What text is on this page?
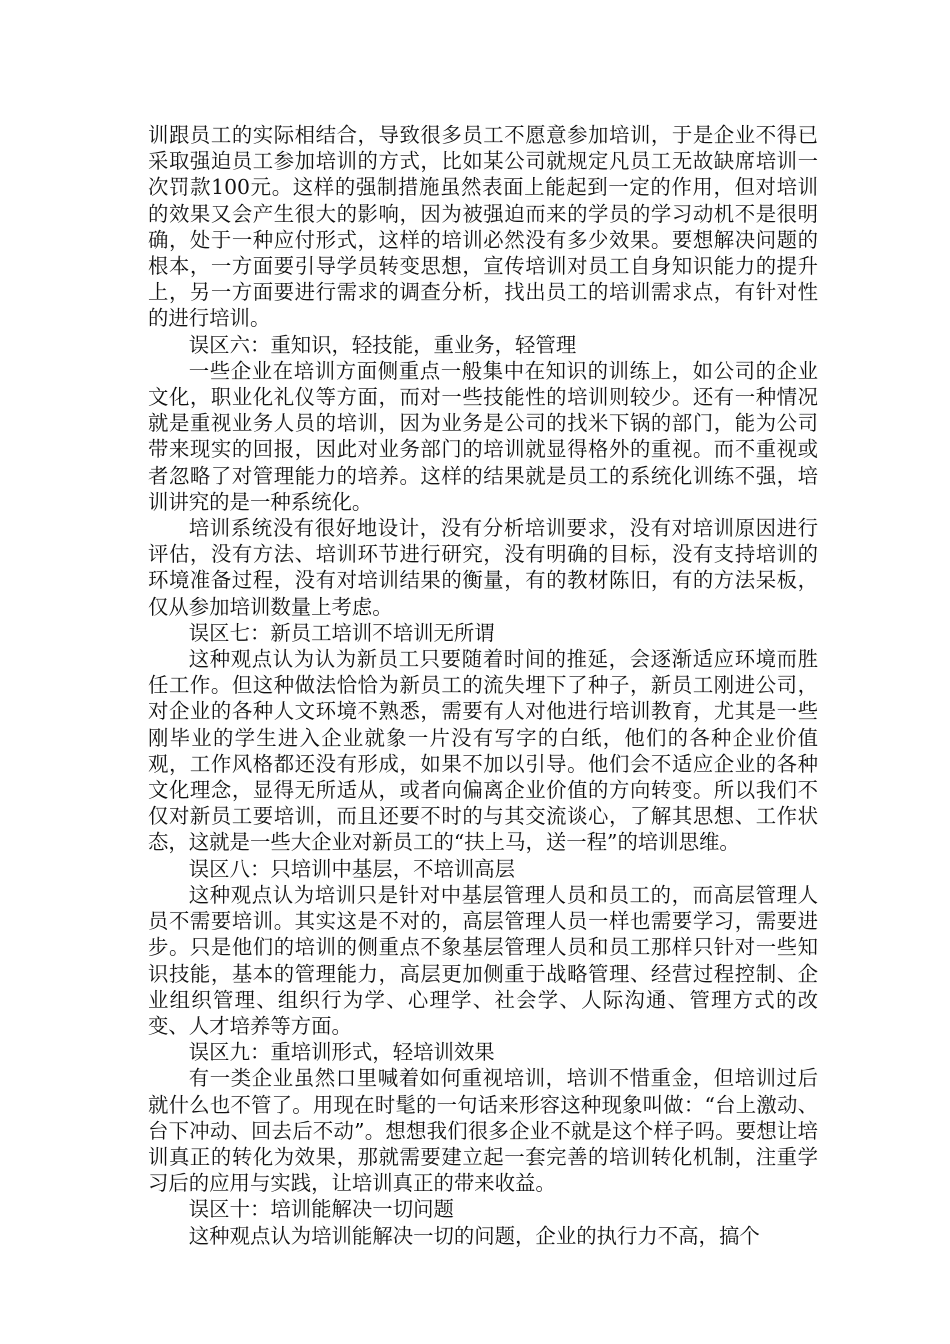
训跟员工的实际相结合，导致很多员工不愿意参加培训，于是企业不得已采取强迫员工参加培训的方式，比如某公司就规定凡员工无故缺席培训一次罚款100元。这样的强制措施虽然表面上能起到一定的作用，但对培训的效果又会产生很大的影响，因为被强迫而来的学员的学习动机不是很明确，处于一种应付形式，这样的培训必然没有多少效果。要想解决问题的根本，一方面要引导学员转变思想，宣传培训对员工自身知识能力的提升上，另一方面要进行需求的调查分析，找出员工的培训需求点，有针对性的进行培训。

误区六：重知识，轻技能，重业务，轻管理

一些企业在培训方面侧重点一般集中在知识的训练上，如公司的企业文化，职业化礼仪等方面，而对一些技能性的培训则较少。还有一种情况就是重视业务人员的培训，因为业务是公司的找米下锅的部门，能为公司带来现实的回报，因此对业务部门的培训就显得格外的重视。而不重视或者忽略了对管理能力的培养。这样的结果就是员工的系统化训练不强，培训讲究的是一种系统化。

培训系统没有很好地设计，没有分析培训要求，没有对培训原因进行评估，没有方法、培训环节进行研究，没有明确的目标，没有支持培训的环境准备过程，没有对培训结果的衡量，有的教材陈旧，有的方法呆板，仅从参加培训数量上考虑。

误区七：新员工培训不培训无所谓

这种观点认为认为新员工只要随着时间的推延，会逐渐适应环境而胜任工作。但这种做法恰恰为新员工的流失埋下了种子，新员工刚进公司，对企业的各种人文环境不熟悉，需要有人对他进行培训教育，尤其是一些刚毕业的学生进入企业就象一片没有写字的白纸，他们的各种企业价值观，工作风格都还没有形成，如果不加以引导。他们会不适应企业的各种文化理念，显得无所适从，或者向偏离企业价值的方向转变。所以我们不仅对新员工要培训，而且还要不时的与其交流谈心，了解其思想、工作状态，这就是一些大企业对新员工的“扶上马，送一程”的培训思维。

误区八：只培训中基层，不培训高层

这种观点认为培训只是针对中基层管理人员和员工的，而高层管理人员不需要培训。其实这是不对的，高层管理人员一样也需要学习，需要进步。只是他们的培训的侧重点不象基层管理人员和员工那样只针对一些知识技能，基本的管理能力，高层更加侧重于战略管理、经营过程控制、企业组织管理、组织行为学、心理学、社会学、人际沟通、管理方式的改变、人才培养等方面。

误区九：重培训形式，轻培训效果

有一类企业虽然口里喊着如何重视培训，培训不惜重金，但培训过后就什么也不管了。用现在时髦的一句话来形容这种现象叫做：“台上激动、台下冲动、回去后不动”。想想我们很多企业不就是这个样子吗。要想让培训真正的转化为效果，那就需要建立起一套完善的培训转化机制，注重学习后的应用与实践，让培训真正的带来收益。

误区十：培训能解决一切问题

这种观点认为培训能解决一切的问题，企业的执行力不高，搞个
